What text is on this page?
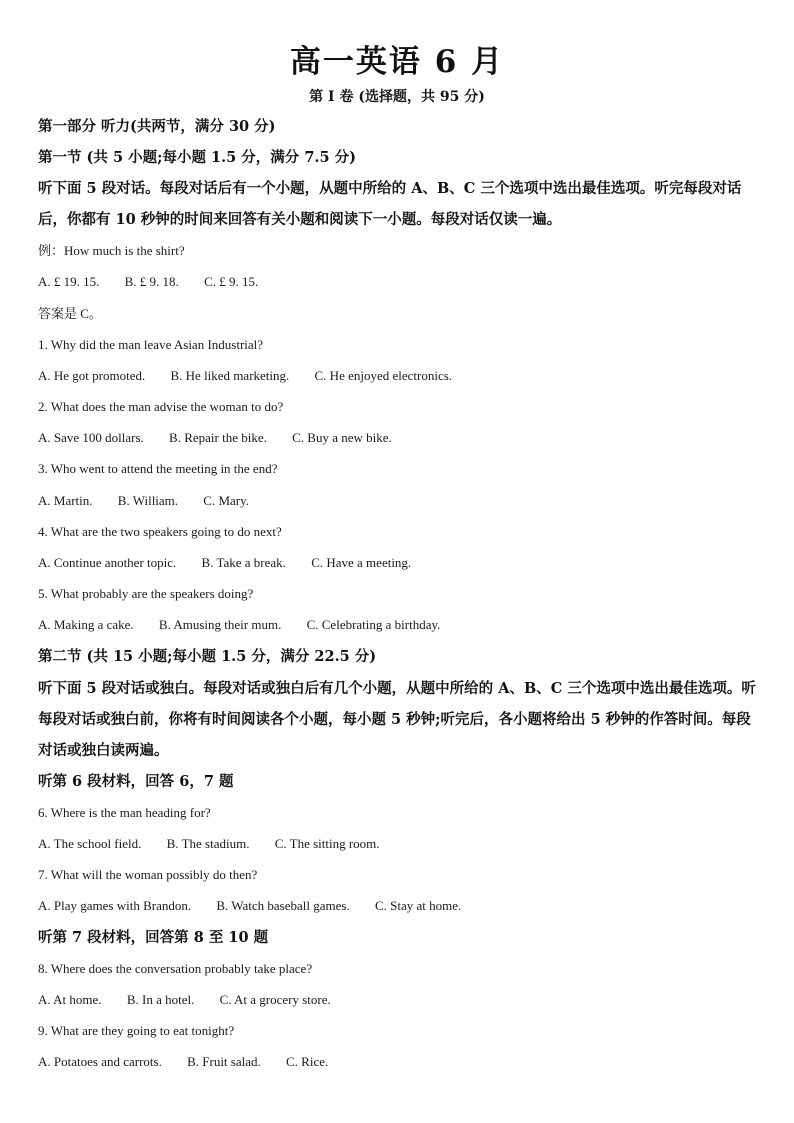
高一英语 6 月
第 I 卷 (选择题，共 95 分)
第一部分 听力(共两节，满分 30 分)
第一节 (共 5 小题;每小题 1.5 分，满分 7.5 分)
听下面 5 段对话。每段对话后有一个小题，从题中所给的 A、B、C 三个选项中选出最佳选项。听完每段对话后，你都有 10 秒钟的时间来回答有关小题和阅读下一小题。每段对话仅读一遍。
例：How much is the shirt?
A. £ 19. 15. B. £ 9. 18. C. £ 9. 15.
答案是 C。
1. Why did the man leave Asian Industrial?
A. He got promoted. B. He liked marketing. C. He enjoyed electronics.
2. What does the man advise the woman to do?
A. Save 100 dollars. B. Repair the bike. C. Buy a new bike.
3. Who went to attend the meeting in the end?
A. Martin. B. William. C. Mary.
4. What are the two speakers going to do next?
A. Continue another topic. B. Take a break. C. Have a meeting.
5. What probably are the speakers doing?
A. Making a cake. B. Amusing their mum. C. Celebrating a birthday.
第二节 (共 15 小题;每小题 1.5 分，满分 22.5 分)
听下面 5 段对话或独白。每段对话或独白后有几个小题，从题中所给的 A、B、C 三个选项中选出最佳选项。听每段对话或独白前，你将有时间阅读各个小题，每小题 5 秒钟;听完后，各小题将给出 5 秒钟的作答时间。每段对话或独白读两遍。
听第 6 段材料，回答 6，7 题
6. Where is the man heading for?
A. The school field. B. The stadium. C. The sitting room.
7. What will the woman possibly do then?
A. Play games with Brandon. B. Watch baseball games. C. Stay at home.
听第 7 段材料，回答第 8 至 10 题
8. Where does the conversation probably take place?
A. At home. B. In a hotel. C. At a grocery store.
9. What are they going to eat tonight?
A. Potatoes and carrots. B. Fruit salad. C. Rice.
